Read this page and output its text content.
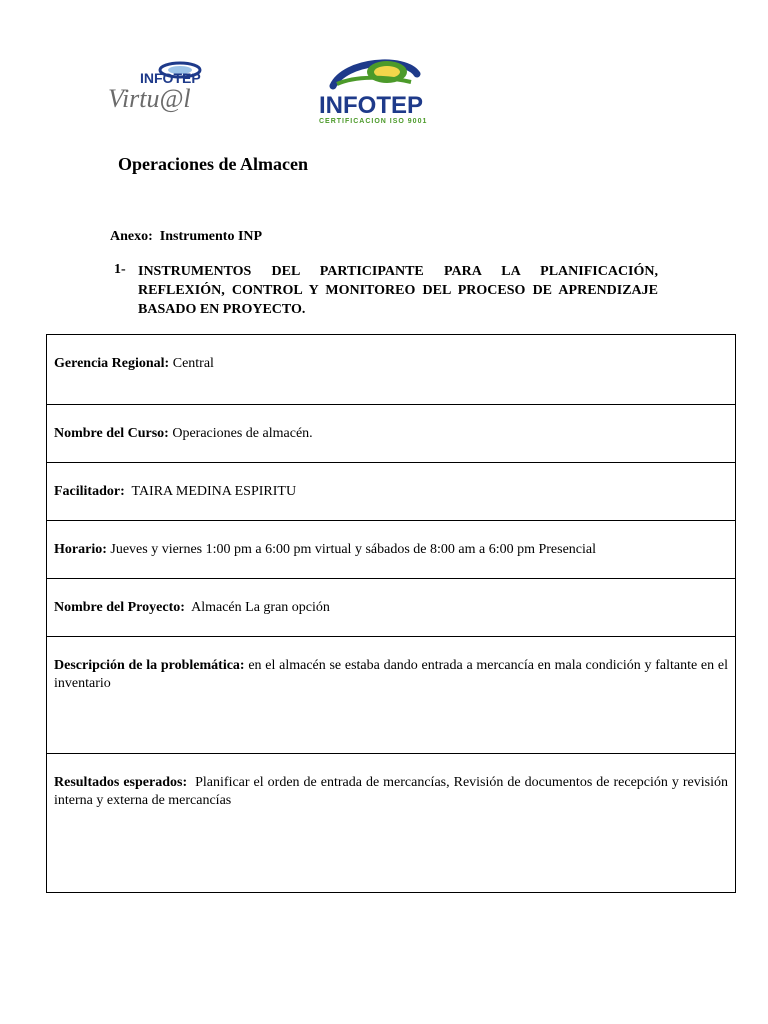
INFOTEP
Virtu@l	INFOTEP
CERTIFICACION ISO 9001
Operaciones de Almacen
Anexo:  Instrumento INP
1- INSTRUMENTOS DEL PARTICIPANTE PARA LA PLANIFICACIÓN, REFLEXIÓN, CONTROL Y MONITOREO DEL PROCESO DE APRENDIZAJE BASADO EN PROYECTO.
Gerencia Regional: Central
Nombre del Curso: Operaciones de almacén.
Facilitador:  TAIRA MEDINA ESPIRITU
Horario: Jueves y viernes 1:00 pm a 6:00 pm virtual y sábados de 8:00 am a 6:00 pm Presencial
Nombre del Proyecto:  Almacén La gran opción
Descripción de la problemática: en el almacén se estaba dando entrada a mercancía en mala condición y faltante en el inventario
Resultados esperados:  Planificar el orden de entrada de mercancías, Revisión de documentos de recepción y revisión interna y externa de mercancías
